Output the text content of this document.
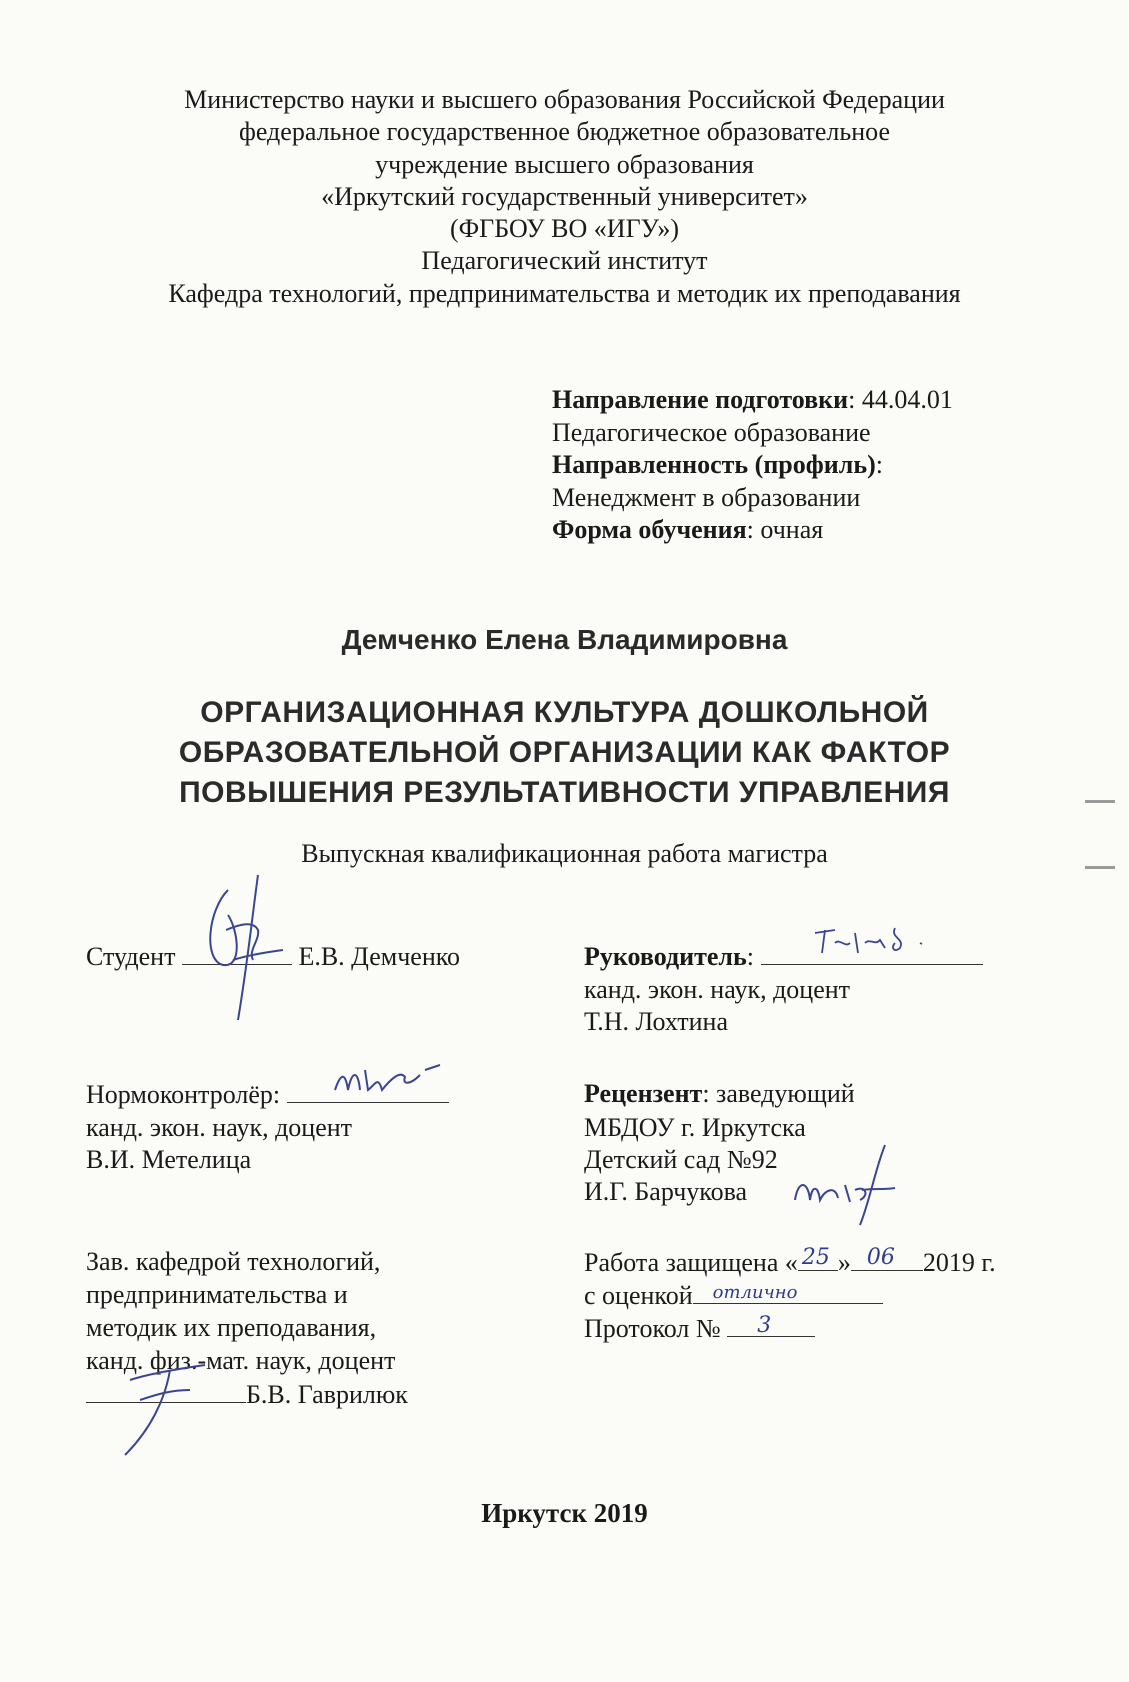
Министерство науки и высшего образования Российской Федерации
федеральное государственное бюджетное образовательное
учреждение высшего образования
«Иркутский государственный университет»
(ФГБОУ ВО «ИГУ»)
Педагогический институт
Кафедра технологий, предпринимательства и методик их преподавания
Направление подготовки: 44.04.01
Педагогическое образование
Направленность (профиль):
Менеджмент в образовании
Форма обучения: очная
Демченко Елена Владимировна
ОРГАНИЗАЦИОННАЯ КУЛЬТУРА ДОШКОЛЬНОЙ
ОБРАЗОВАТЕЛЬНОЙ ОРГАНИЗАЦИИ КАК ФАКТОР
ПОВЫШЕНИЯ РЕЗУЛЬТАТИВНОСТИ УПРАВЛЕНИЯ
Выпускная квалификационная работа магистра
Студент	Е.В. Демченко	Руководитель:
канд. экон. наук, доцент
Т.Н. Лохтина
Нормоконтролёр:
канд. экон. наук, доцент
В.И. Метелица
Рецензент: заведующий
МБДОУ г. Иркутска
Детский сад №92
И.Г. Барчукова
Зав. кафедрой технологий,
предпринимательства и
методик их преподавания,
канд. физ.-мат. наук, доцент
Б.В. Гаврилюк
Работа защищена « 25 » 06 2019 г.
с оценкой отлично
Протокол № 3
Иркутск 2019
